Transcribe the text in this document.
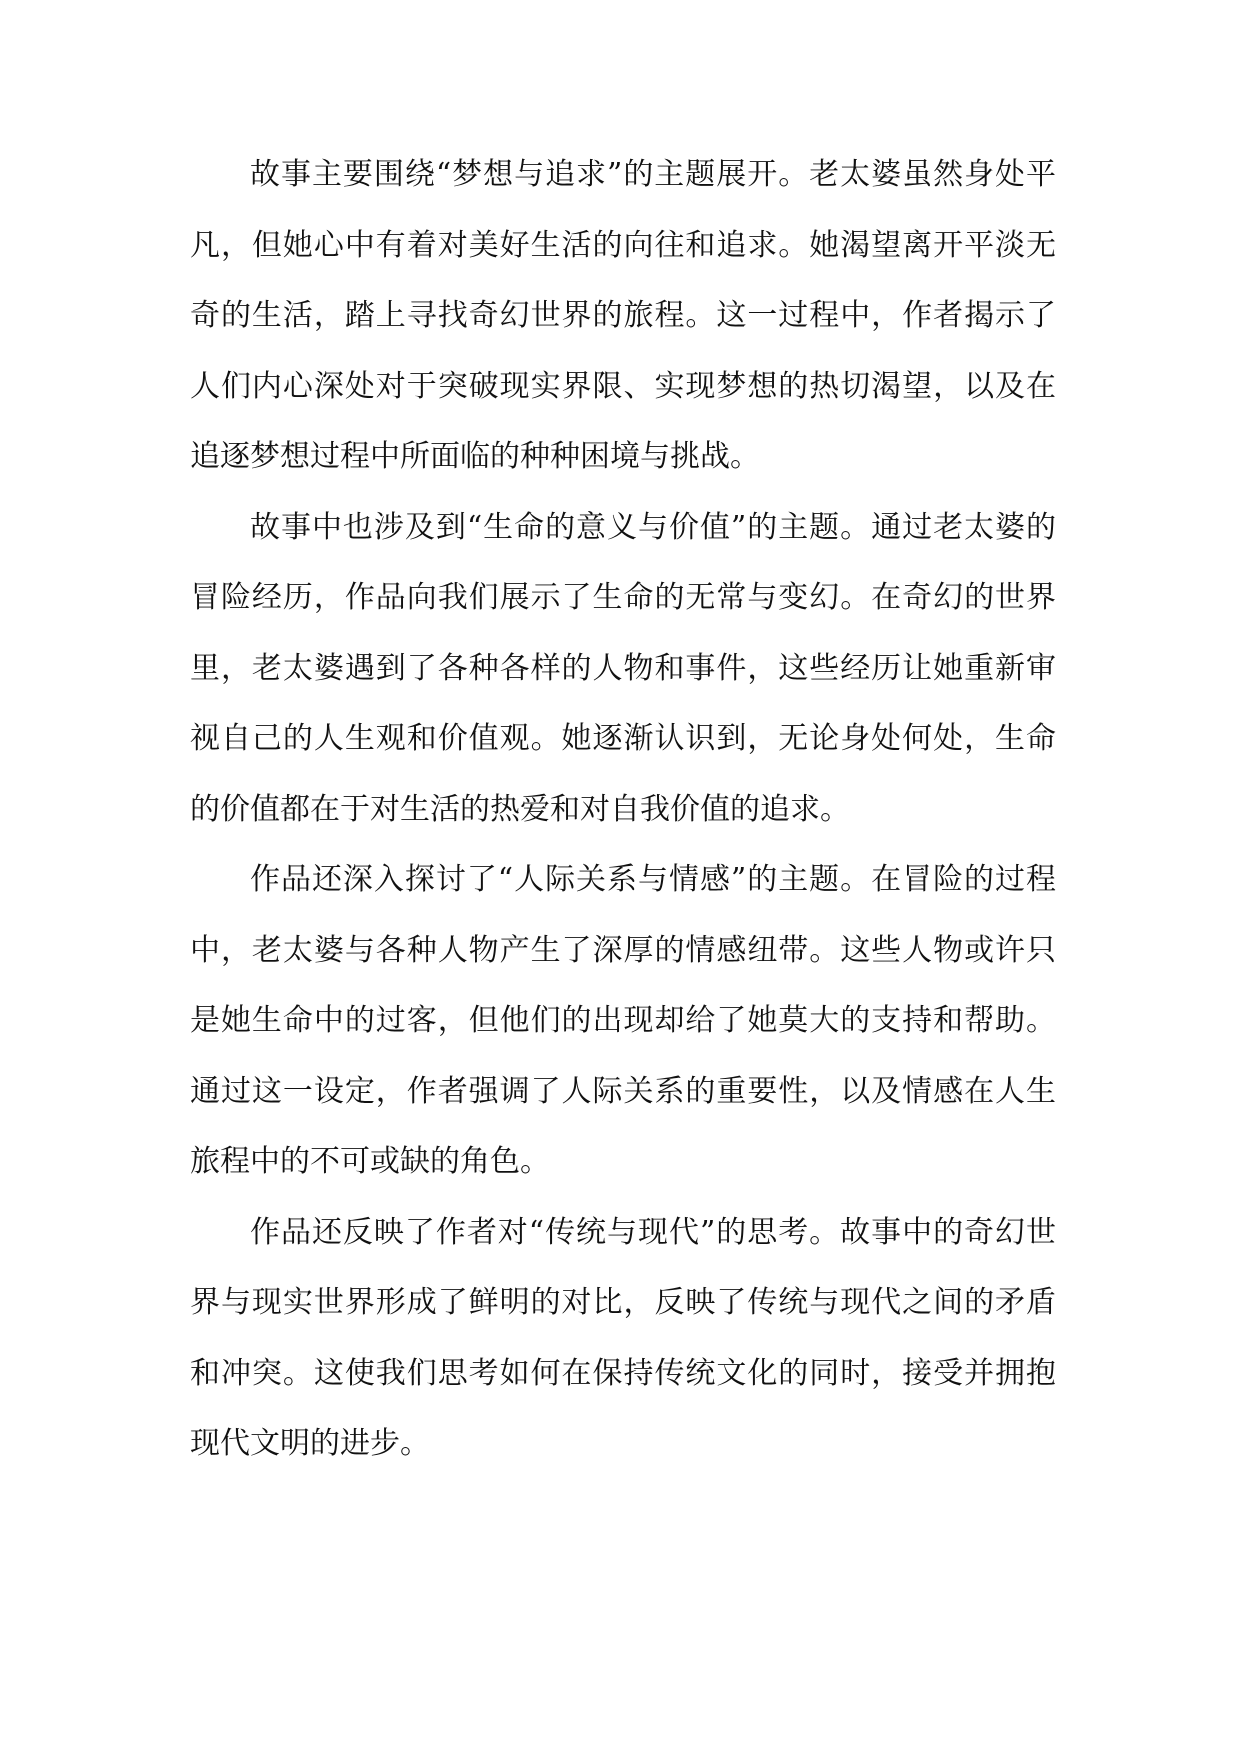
故事主要围绕“梦想与追求”的主题展开。老太婆虽然身处平凡，但她心中有着对美好生活的向往和追求。她渴望离开平淡无奇的生活，踏上寻找奇幻世界的旅程。这一过程中，作者揭示了人们内心深处对于突破现实界限、实现梦想的热切渴望，以及在追逐梦想过程中所面临的种种困境与挑战。

故事中也涉及到“生命的意义与价值”的主题。通过老太婆的冒险经历，作品向我们展示了生命的无常与变幻。在奇幻的世界里，老太婆遇到了各种各样的人物和事件，这些经历让她重新审视自己的人生观和价值观。她逐渐认识到，无论身处何处，生命的价值都在于对生活的热爱和对自我价值的追求。

作品还深入探讨了“人际关系与情感”的主题。在冒险的过程中，老太婆与各种人物产生了深厚的情感纽带。这些人物或许只是她生命中的过客，但他们的出现却给了她莫大的支持和帮助。通过这一设定，作者强调了人际关系的重要性，以及情感在人生旅程中的不可或缺的角色。

作品还反映了作者对“传统与现代”的思考。故事中的奇幻世界与现实世界形成了鲜明的对比，反映了传统与现代之间的矛盾和冲突。这使我们思考如何在保持传统文化的同时，接受并拥抱现代文明的进步。
